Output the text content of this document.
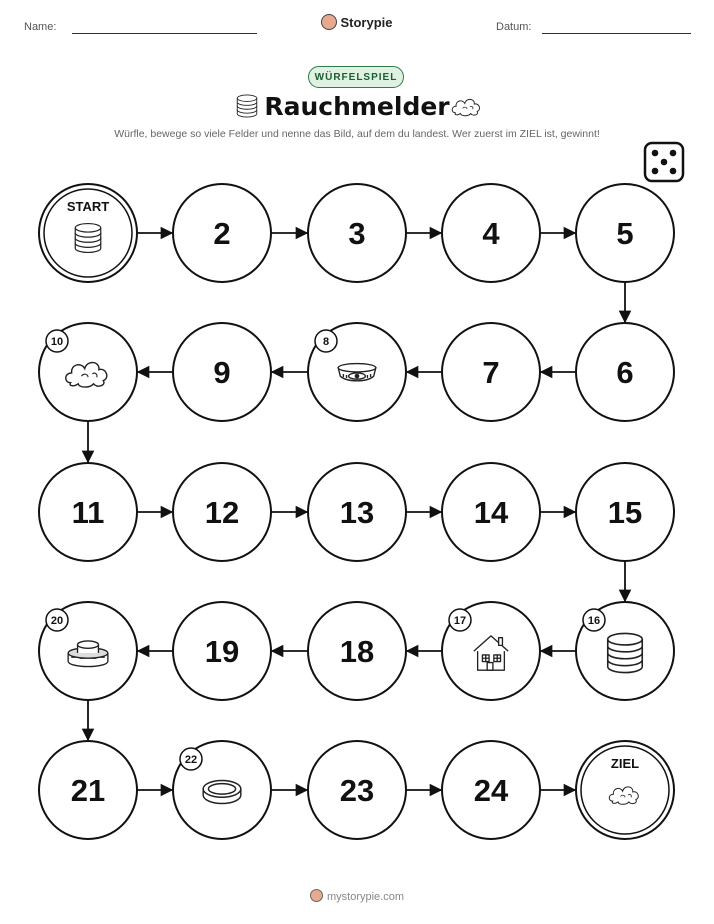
Name:	Storypie	Datum:
WÜRFELSPIEL
Rauchmelder
Würfle, bewege so viele Felder und nenne das Bild, auf dem du landest. Wer zuerst im ZIEL ist, gewinnt!
START
2	3	4	5
6
7
8
9
10
11	12	13	14	15
16
17
18
19
20
21
22
23	24
ZIEL
mystorypie.com
